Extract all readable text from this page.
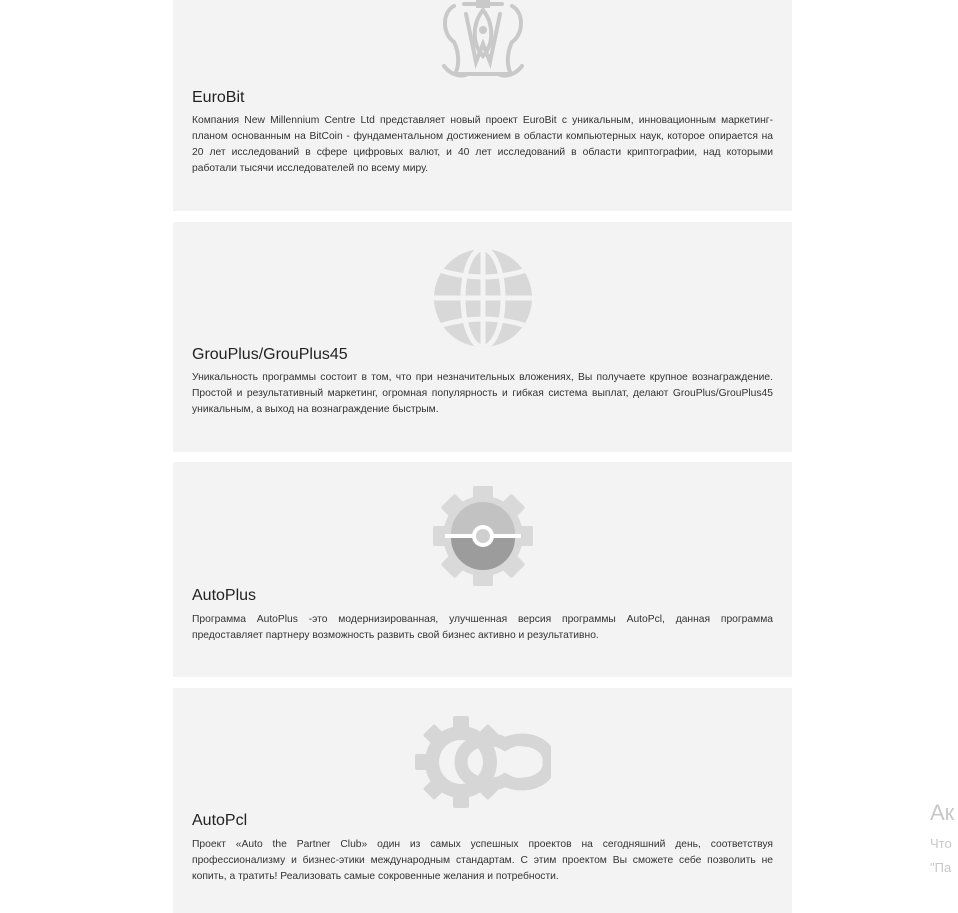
EuroBit

Компания New Millennium Centre Ltd представляет новый проект EuroBit с уникальным, инновационным маркетинг-планом основанным на BitCoin - фундаментальном достижением в области компьютерных наук, которое опирается на 20 лет исследований в сфере цифровых валют, и 40 лет исследований в области криптографии, над которыми работали тысячи исследователей по всему миру.

GrouPlus/GrouPlus45

Уникальность программы состоит в том, что при незначительных вложениях, Вы получаете крупное вознаграждение. Простой и результативный маркетинг, огромная популярность и гибкая система выплат, делают GrouPlus/GrouPlus45 уникальным, а выход на вознаграждение быстрым.

AutoPlus

Программа AutoPlus -это модернизированная, улучшенная версия программы AutoPcl, данная программа предоставляет партнеру возможность развить свой бизнес активно и результативно.

AutoPcl

Проект «Auto the Partner Club» один из самых успешных проектов на сегодняшний день, соответствуя профессионализму и бизнес-этики международным стандартам. С этим проектом Вы сможете себе позволить не копить, а тратить! Реализовать самые сокровенные желания и потребности.

Ак
Что
"Па
